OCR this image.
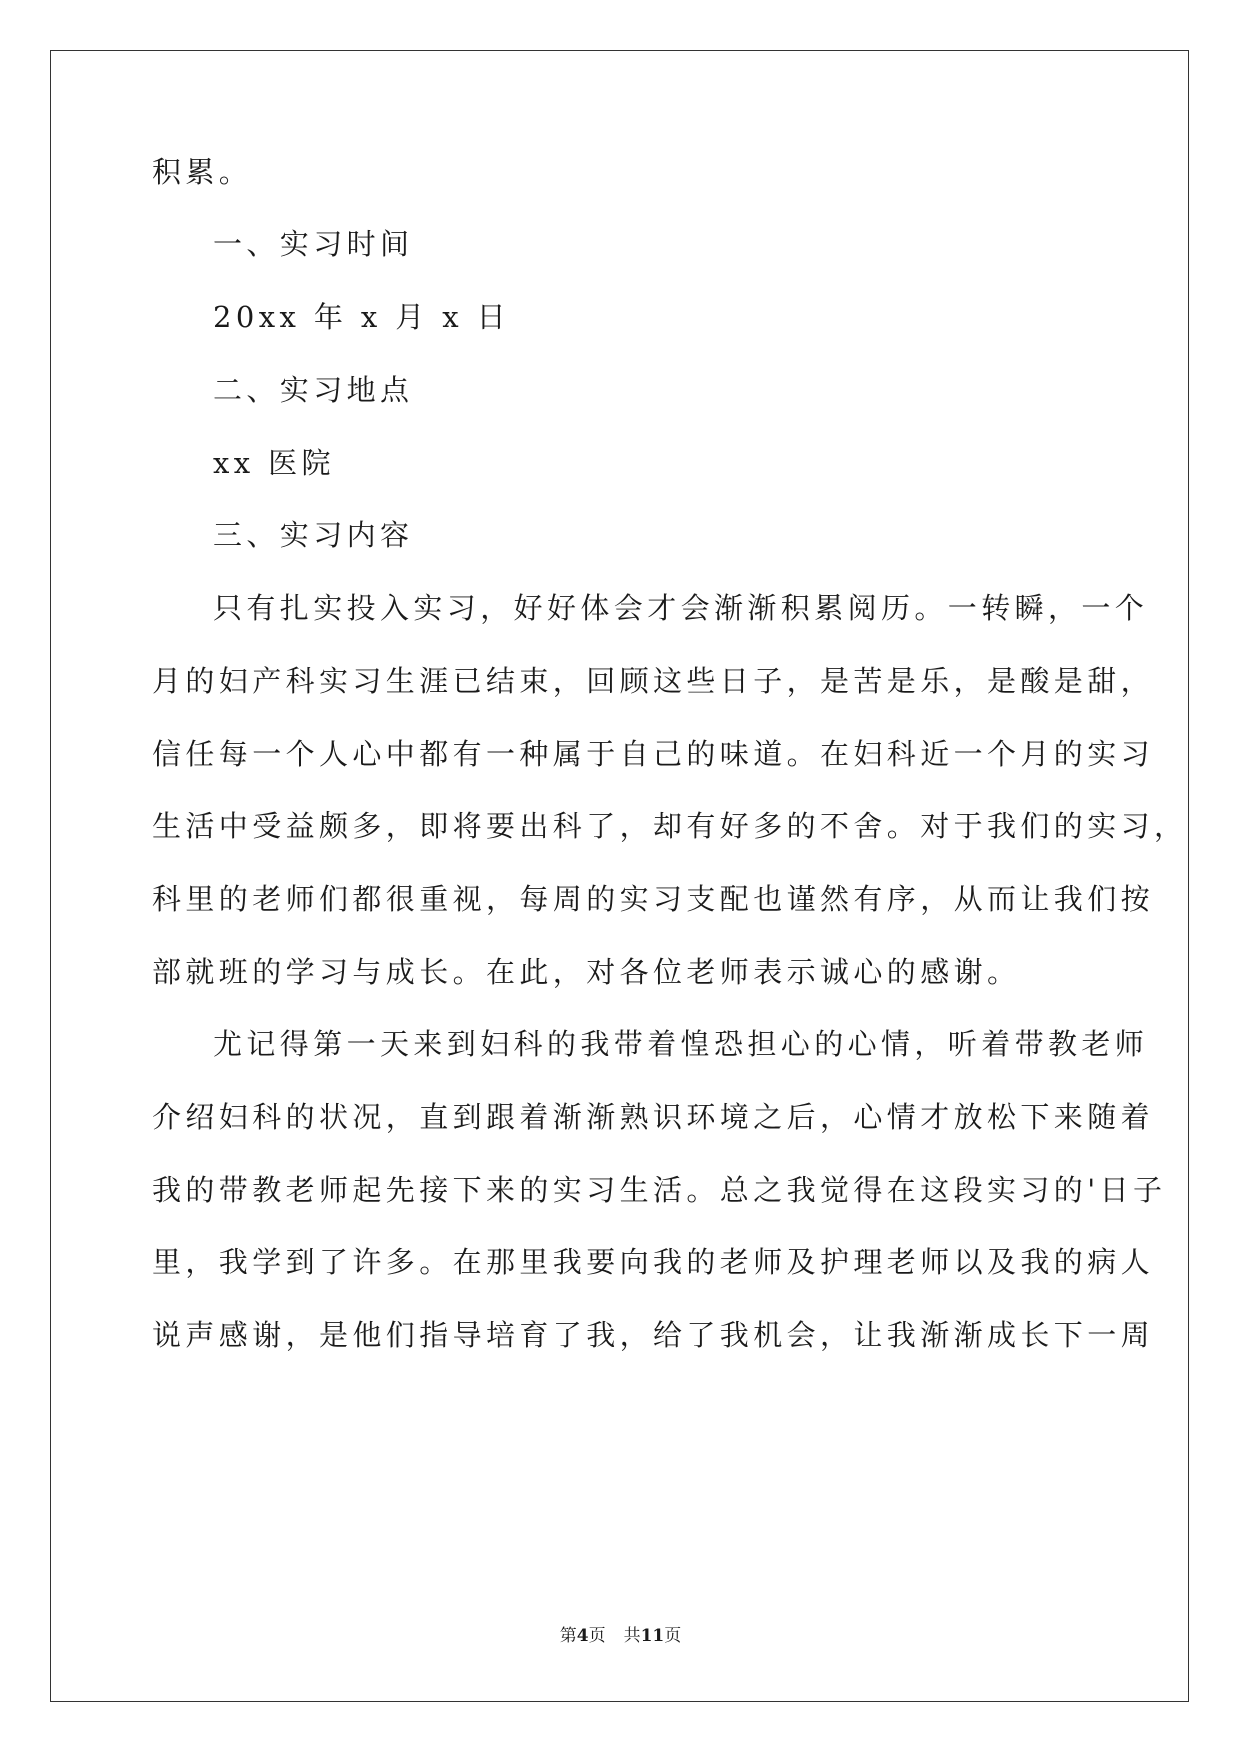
积累。
一、实习时间
20xx 年 x 月 x 日
二、实习地点
xx 医院
三、实习内容
只有扎实投入实习，好好体会才会渐渐积累阅历。一转瞬，一个
月的妇产科实习生涯已结束，回顾这些日子，是苦是乐，是酸是甜，
信任每一个人心中都有一种属于自己的味道。在妇科近一个月的实习
生活中受益颇多，即将要出科了，却有好多的不舍。对于我们的实习，
科里的老师们都很重视，每周的实习支配也谨然有序，从而让我们按
部就班的学习与成长。在此，对各位老师表示诚心的感谢。
尤记得第一天来到妇科的我带着惶恐担心的心情，听着带教老师
介绍妇科的状况，直到跟着渐渐熟识环境之后，心情才放松下来随着
我的带教老师起先接下来的实习生活。总之我觉得在这段实习的'日子
里，我学到了许多。在那里我要向我的老师及护理老师以及我的病人
说声感谢，是他们指导培育了我，给了我机会，让我渐渐成长下一周
第4页 共11页
